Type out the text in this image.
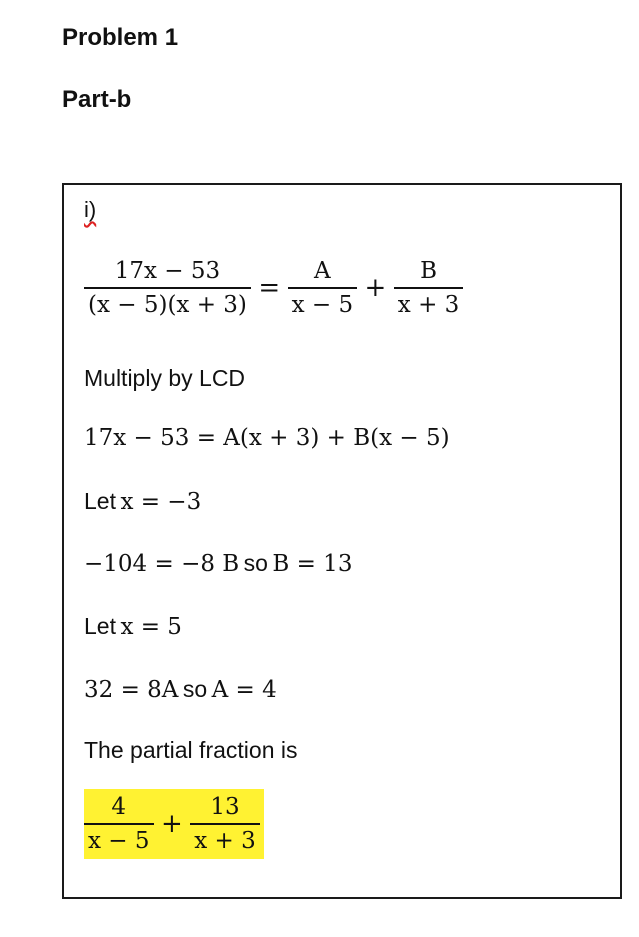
Problem 1
Part-b
i)
$\frac{17x - 53}{(x - 5)(x + 3)} = \frac{A}{x - 5} + \frac{B}{x + 3}$
Multiply by LCD
17x − 53 = A(x + 3) + B(x − 5)
Let x = −3
−104 = −8 B so B = 13
Let x = 5
32 = 8A so A = 4
The partial fraction is
$\frac{4}{x - 5} + \frac{13}{x + 3}$
